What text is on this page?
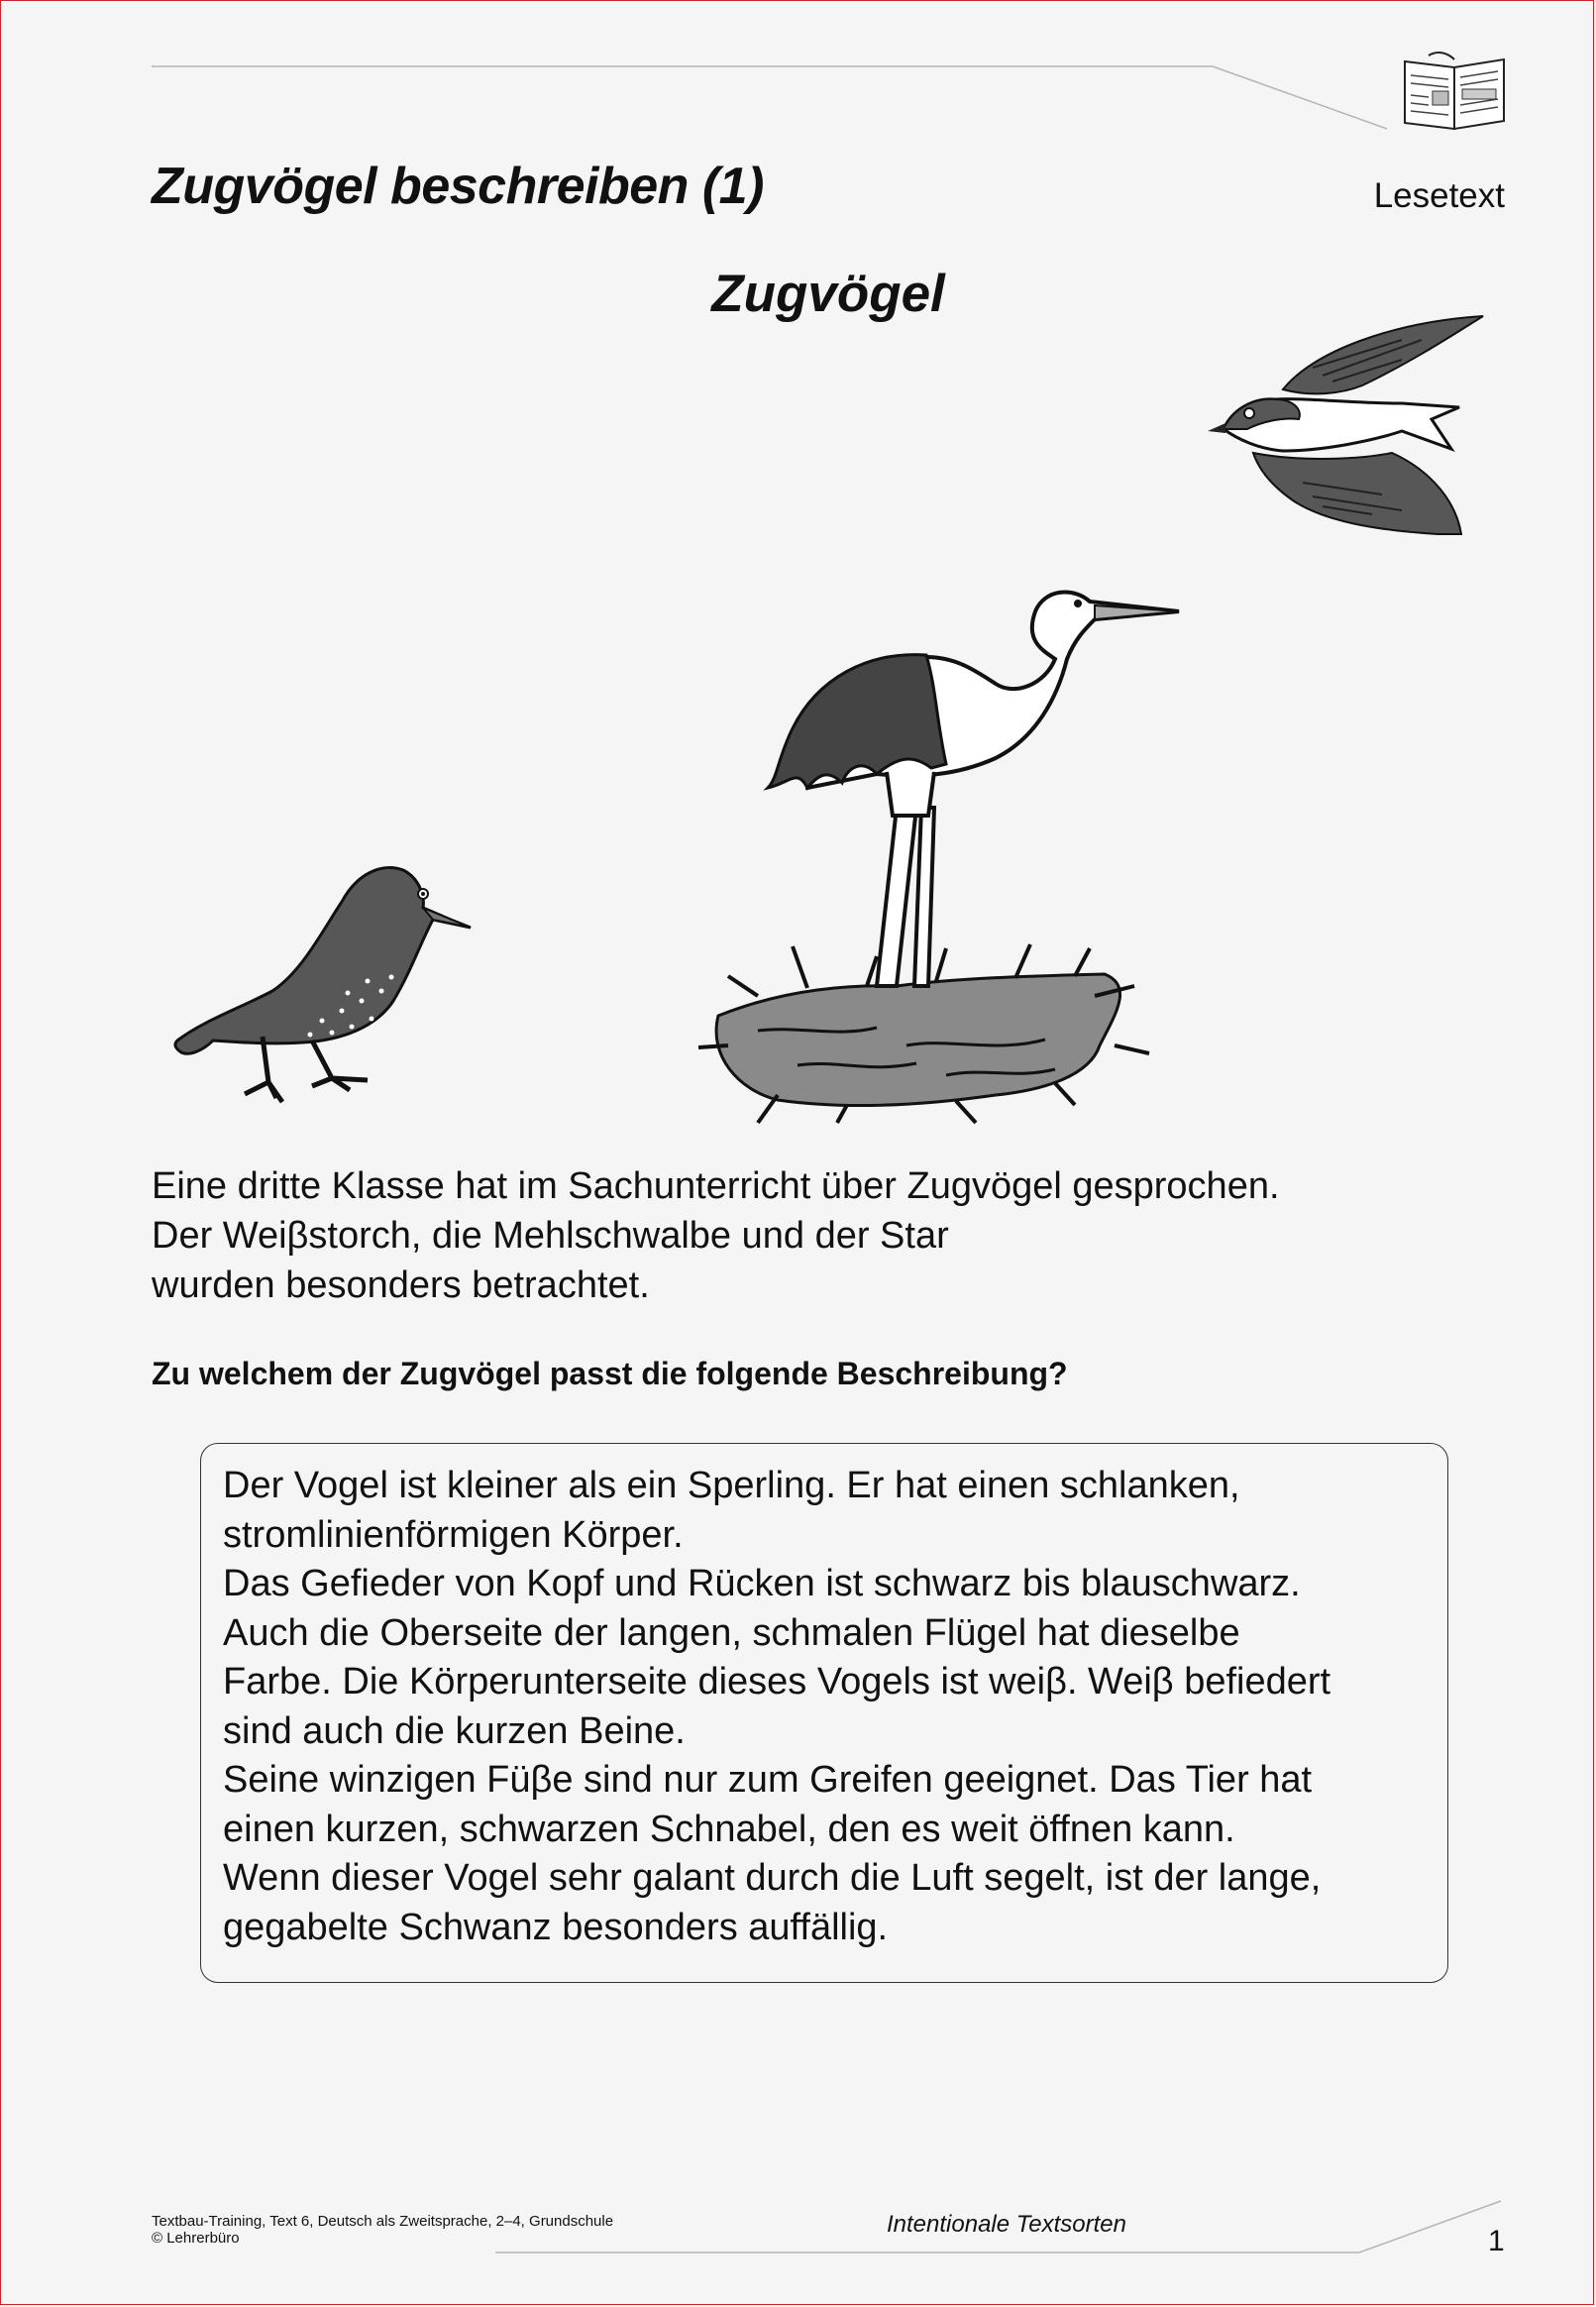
Zugvögel beschreiben (1)	Lesetext
Zugvögel
Eine dritte Klasse hat im Sachunterricht über Zugvögel gesprochen.
Der Weiβstorch, die Mehlschwalbe und der Star
wurden besonders betrachtet.
Zu welchem der Zugvögel passt die folgende Beschreibung?
Der Vogel ist kleiner als ein Sperling. Er hat einen schlanken,
stromlinienförmigen Körper.
Das Gefieder von Kopf und Rücken ist schwarz bis blauschwarz.
Auch die Oberseite der langen, schmalen Flügel hat dieselbe
Farbe. Die Körperunterseite dieses Vogels ist weiβ. Weiβ befiedert
sind auch die kurzen Beine.
Seine winzigen Füβe sind nur zum Greifen geeignet. Das Tier hat
einen kurzen, schwarzen Schnabel, den es weit öffnen kann.
Wenn dieser Vogel sehr galant durch die Luft segelt, ist der lange,
gegabelte Schwanz besonders auffällig.
Textbau-Training, Text 6, Deutsch als Zweitsprache, 2–4, Grundschule
© Lehrerbüro
Intentionale Textsorten
1
